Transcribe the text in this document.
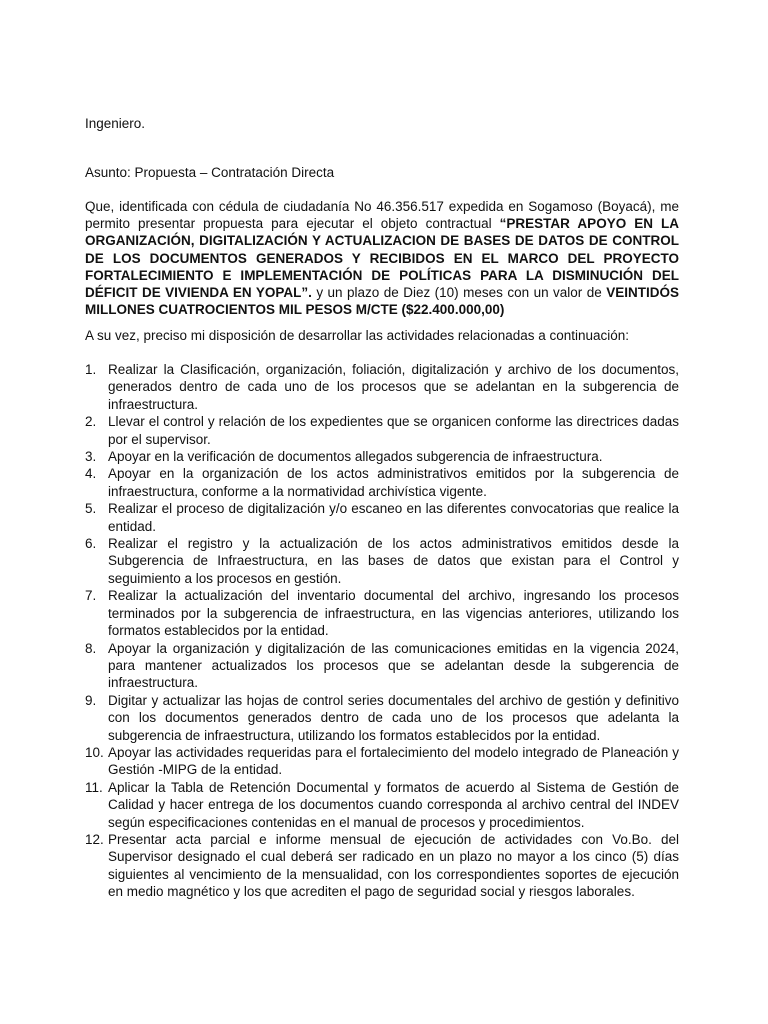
Ingeniero.
Asunto: Propuesta – Contratación Directa
Que, identificada con cédula de ciudadanía No 46.356.517 expedida en Sogamoso (Boyacá), me permito presentar propuesta para ejecutar el objeto contractual “PRESTAR APOYO EN LA ORGANIZACIÓN, DIGITALIZACIÓN Y ACTUALIZACION DE BASES DE DATOS DE CONTROL DE LOS DOCUMENTOS GENERADOS Y RECIBIDOS EN EL MARCO DEL PROYECTO FORTALECIMIENTO E IMPLEMENTACIÓN DE POLÍTICAS PARA LA DISMINUCIÓN DEL DÉFICIT DE VIVIENDA EN YOPAL”. y un plazo de Diez (10) meses con un valor de VEINTIDÓS MILLONES CUATROCIENTOS MIL PESOS M/CTE ($22.400.000,00)
A su vez, preciso mi disposición de desarrollar las actividades relacionadas a continuación:
1. Realizar la Clasificación, organización, foliación, digitalización y archivo de los documentos, generados dentro de cada uno de los procesos que se adelantan en la subgerencia de infraestructura.
2. Llevar el control y relación de los expedientes que se organicen conforme las directrices dadas por el supervisor.
3. Apoyar en la verificación de documentos allegados subgerencia de infraestructura.
4. Apoyar en la organización de los actos administrativos emitidos por la subgerencia de infraestructura, conforme a la normatividad archivística vigente.
5. Realizar el proceso de digitalización y/o escaneo en las diferentes convocatorias que realice la entidad.
6. Realizar el registro y la actualización de los actos administrativos emitidos desde la Subgerencia de Infraestructura, en las bases de datos que existan para el Control y seguimiento a los procesos en gestión.
7. Realizar la actualización del inventario documental del archivo, ingresando los procesos terminados por la subgerencia de infraestructura, en las vigencias anteriores, utilizando los formatos establecidos por la entidad.
8. Apoyar la organización y digitalización de las comunicaciones emitidas en la vigencia 2024, para mantener actualizados los procesos que se adelantan desde la subgerencia de infraestructura.
9. Digitar y actualizar las hojas de control series documentales del archivo de gestión y definitivo con los documentos generados dentro de cada uno de los procesos que adelanta la subgerencia de infraestructura, utilizando los formatos establecidos por la entidad.
10. Apoyar las actividades requeridas para el fortalecimiento del modelo integrado de Planeación y Gestión -MIPG de la entidad.
11. Aplicar la Tabla de Retención Documental y formatos de acuerdo al Sistema de Gestión de Calidad y hacer entrega de los documentos cuando corresponda al archivo central del INDEV según especificaciones contenidas en el manual de procesos y procedimientos.
12. Presentar acta parcial e informe mensual de ejecución de actividades con Vo.Bo. del Supervisor designado el cual deberá ser radicado en un plazo no mayor a los cinco (5) días siguientes al vencimiento de la mensualidad, con los correspondientes soportes de ejecución en medio magnético y los que acrediten el pago de seguridad social y riesgos laborales.
